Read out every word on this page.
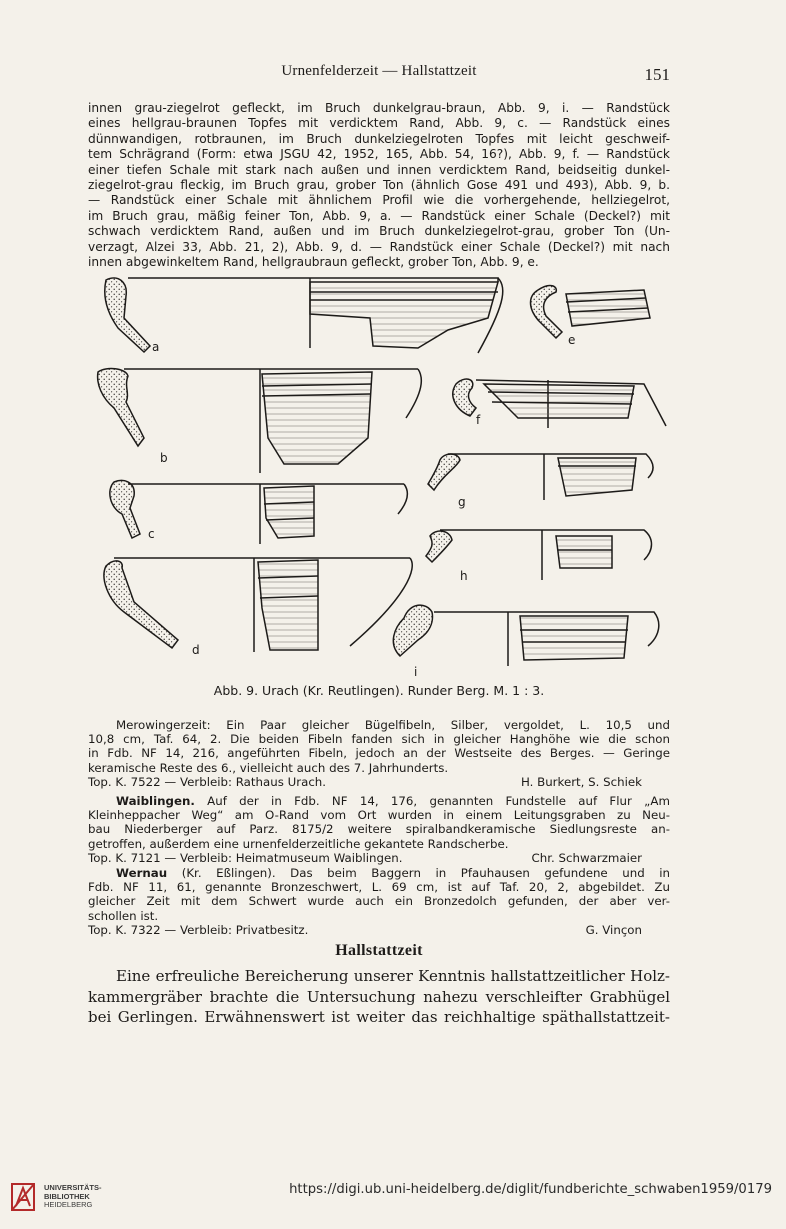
Urnenfelderzeit — Hallstattzeit	151
innen grau-ziegelrot gefleckt, im Bruch dunkelgrau-braun, Abb. 9, i. — Randstück
eines hellgrau-braunen Topfes mit verdicktem Rand, Abb. 9, c. — Randstück eines
dünnwandigen, rotbraunen, im Bruch dunkelziegelroten Topfes mit leicht geschweif-
tem Schrägrand (Form: etwa JSGU 42, 1952, 165, Abb. 54, 16?), Abb. 9, f. — Randstück
einer tiefen Schale mit stark nach außen und innen verdicktem Rand, beidseitig dunkel-
ziegelrot-grau fleckig, im Bruch grau, grober Ton (ähnlich Gose 491 und 493), Abb. 9, b.
— Randstück einer Schale mit ähnlichem Profil wie die vorhergehende, hellziegelrot,
im Bruch grau, mäßig feiner Ton, Abb. 9, a. — Randstück einer Schale (Deckel?) mit
schwach verdicktem Rand, außen und im Bruch dunkelziegelrot-grau, grober Ton (Un-
verzagt, Alzei 33, Abb. 21, 2), Abb. 9, d. — Randstück einer Schale (Deckel?) mit nach
innen abgewinkeltem Rand, hellgraubraun gefleckt, grober Ton, Abb. 9, e.
a
b
c
d
e
f
g
h
i
Abb. 9. Urach (Kr. Reutlingen). Runder Berg. M. 1 : 3.
Merowingerzeit: Ein Paar gleicher Bügelfibeln, Silber, vergoldet, L. 10,5 und
10,8 cm, Taf. 64, 2. Die beiden Fibeln fanden sich in gleicher Hanghöhe wie die schon
in Fdb. NF 14, 216, angeführten Fibeln, jedoch an der Westseite des Berges. — Geringe
keramische Reste des 6., vielleicht auch des 7. Jahrhunderts.
Top. K. 7522 — Verbleib: Rathaus Urach.	H. Burkert, S. Schiek
Waiblingen. Auf der in Fdb. NF 14, 176, genannten Fundstelle auf Flur „Am
Kleinheppacher Weg“ am O-Rand vom Ort wurden in einem Leitungsgraben zu Neu-
bau Niederberger auf Parz. 8175/2 weitere spiralbandkeramische Siedlungsreste an-
getroffen, außerdem eine urnenfelderzeitliche gekantete Randscherbe.
Top. K. 7121 — Verbleib: Heimatmuseum Waiblingen.	Chr. Schwarzmaier
Wernau (Kr. Eßlingen). Das beim Baggern in Pfauhausen gefundene und in
Fdb. NF 11, 61, genannte Bronzeschwert, L. 69 cm, ist auf Taf. 20, 2, abgebildet. Zu
gleicher Zeit mit dem Schwert wurde auch ein Bronzedolch gefunden, der aber ver-
schollen ist.
Top. K. 7322 — Verbleib: Privatbesitz.	G. Vinçon
Hallstattzeit
Eine erfreuliche Bereicherung unserer Kenntnis hallstattzeitlicher Holz-
kammergräber brachte die Untersuchung nahezu verschleifter Grabhügel
bei Gerlingen. Erwähnenswert ist weiter das reichhaltige späthallstattzeit-
UNIVERSITÄTS-
BIBLIOTHEK
HEIDELBERG
https://digi.ub.uni-heidelberg.de/diglit/fundberichte_schwaben1959/0179
